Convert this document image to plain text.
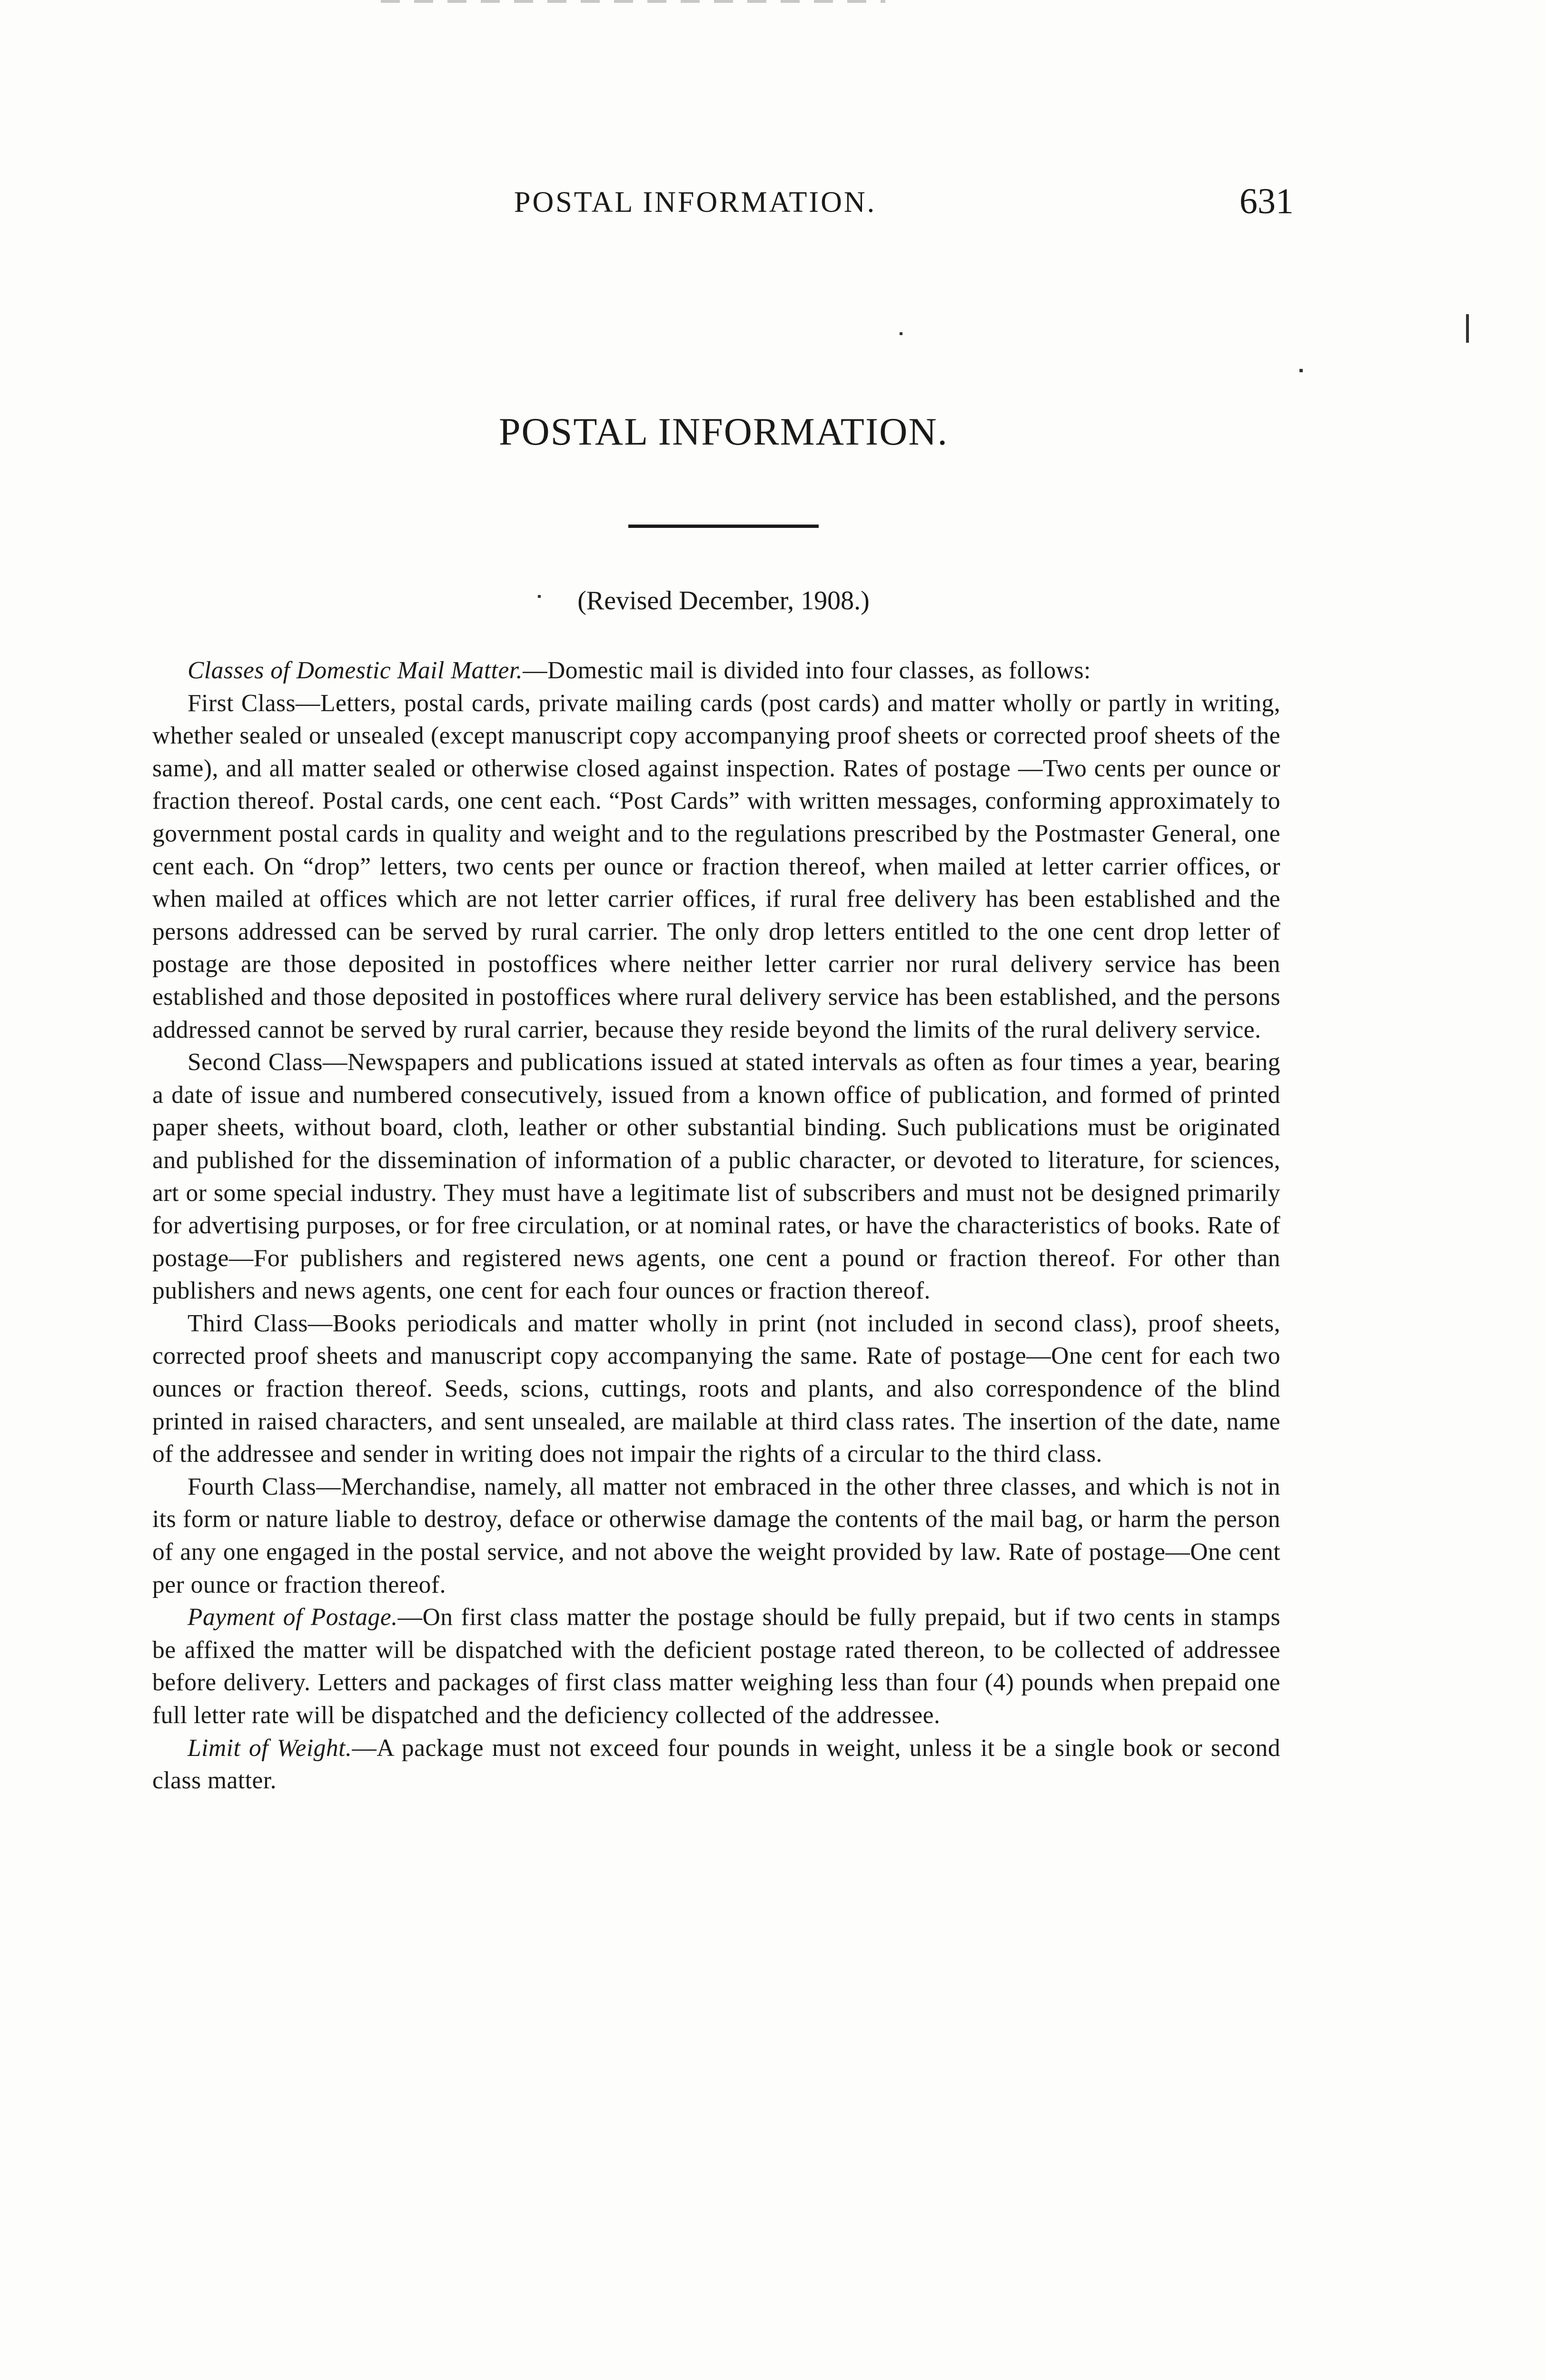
POSTAL INFORMATION.	631
POSTAL INFORMATION.
(Revised December, 1908.)

Classes of Domestic Mail Matter.—Domestic mail is divided into four classes, as follows:

First Class—Letters, postal cards, private mailing cards (post cards) and matter wholly or partly in writing, whether sealed or unsealed (except manuscript copy accompanying proof sheets or corrected proof sheets of the same), and all matter sealed or otherwise closed against inspection. Rates of postage —Two cents per ounce or fraction thereof. Postal cards, one cent each. “Post Cards” with written messages, conforming approximately to government postal cards in quality and weight and to the regulations prescribed by the Postmaster General, one cent each. On “drop” letters, two cents per ounce or fraction thereof, when mailed at letter carrier offices, or when mailed at offices which are not letter carrier offices, if rural free delivery has been established and the persons addressed can be served by rural carrier. The only drop letters entitled to the one cent drop letter of postage are those deposited in postoffices where neither letter carrier nor rural delivery service has been established and those deposited in postoffices where rural delivery service has been established, and the persons addressed cannot be served by rural carrier, because they reside beyond the limits of the rural delivery service.

Second Class—Newspapers and publications issued at stated intervals as often as four times a year, bearing a date of issue and numbered consecutively, issued from a known office of publication, and formed of printed paper sheets, without board, cloth, leather or other substantial binding. Such publications must be originated and published for the dissemination of information of a public character, or devoted to literature, for sciences, art or some special industry. They must have a legitimate list of subscribers and must not be designed primarily for advertising purposes, or for free circulation, or at nominal rates, or have the characteristics of books. Rate of postage—For publishers and registered news agents, one cent a pound or fraction thereof. For other than publishers and news agents, one cent for each four ounces or fraction thereof.

Third Class—Books periodicals and matter wholly in print (not included in second class), proof sheets, corrected proof sheets and manuscript copy accompanying the same. Rate of postage—One cent for each two ounces or fraction thereof. Seeds, scions, cuttings, roots and plants, and also correspondence of the blind printed in raised characters, and sent unsealed, are mailable at third class rates. The insertion of the date, name of the addressee and sender in writing does not impair the rights of a circular to the third class.

Fourth Class—Merchandise, namely, all matter not embraced in the other three classes, and which is not in its form or nature liable to destroy, deface or otherwise damage the contents of the mail bag, or harm the person of any one engaged in the postal service, and not above the weight provided by law. Rate of postage—One cent per ounce or fraction thereof.

Payment of Postage.—On first class matter the postage should be fully prepaid, but if two cents in stamps be affixed the matter will be dispatched with the deficient postage rated thereon, to be collected of addressee before delivery. Letters and packages of first class matter weighing less than four (4) pounds when prepaid one full letter rate will be dispatched and the deficiency collected of the addressee.

Limit of Weight.—A package must not exceed four pounds in weight, unless it be a single book or second class matter.
